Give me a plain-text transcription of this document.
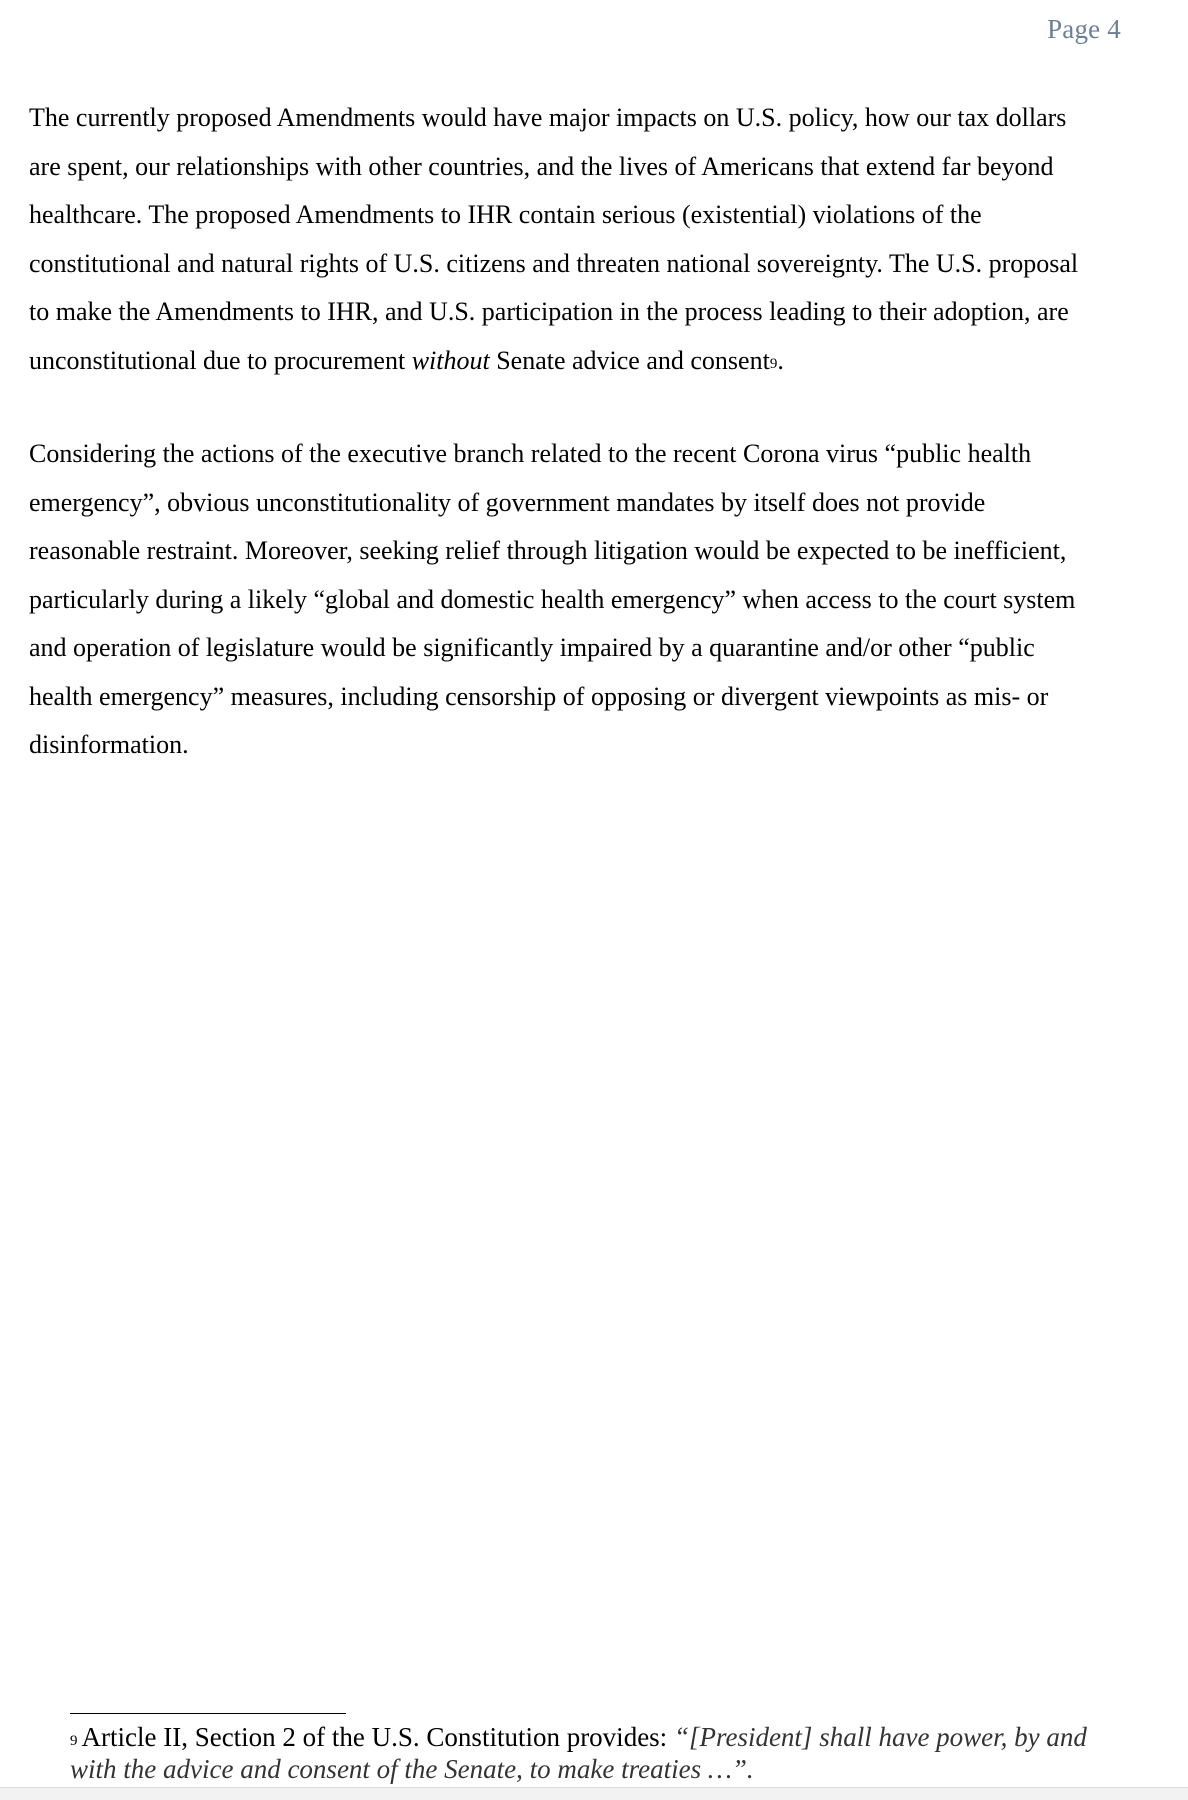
Page 4

The currently proposed Amendments would have major impacts on U.S. policy, how our tax dollars
are spent, our relationships with other countries, and the lives of Americans that extend far beyond
healthcare. The proposed Amendments to IHR contain serious (existential) violations of the
constitutional and natural rights of U.S. citizens and threaten national sovereignty. The U.S. proposal
to make the Amendments to IHR, and U.S. participation in the process leading to their adoption, are
unconstitutional due to procurement without Senate advice and consent$^9$.

Considering the actions of the executive branch related to the recent Corona virus “public health
emergency”, obvious unconstitutionality of government mandates by itself does not provide
reasonable restraint. Moreover, seeking relief through litigation would be expected to be inefficient,
particularly during a likely “global and domestic health emergency” when access to the court system
and operation of legislature would be significantly impaired by a quarantine and/or other “public
health emergency” measures, including censorship of opposing or divergent viewpoints as mis- or
disinformation.

$^9$ Article II, Section 2 of the U.S. Constitution provides: “[President] shall have power, by and
with the advice and consent of the Senate, to make treaties …”.
